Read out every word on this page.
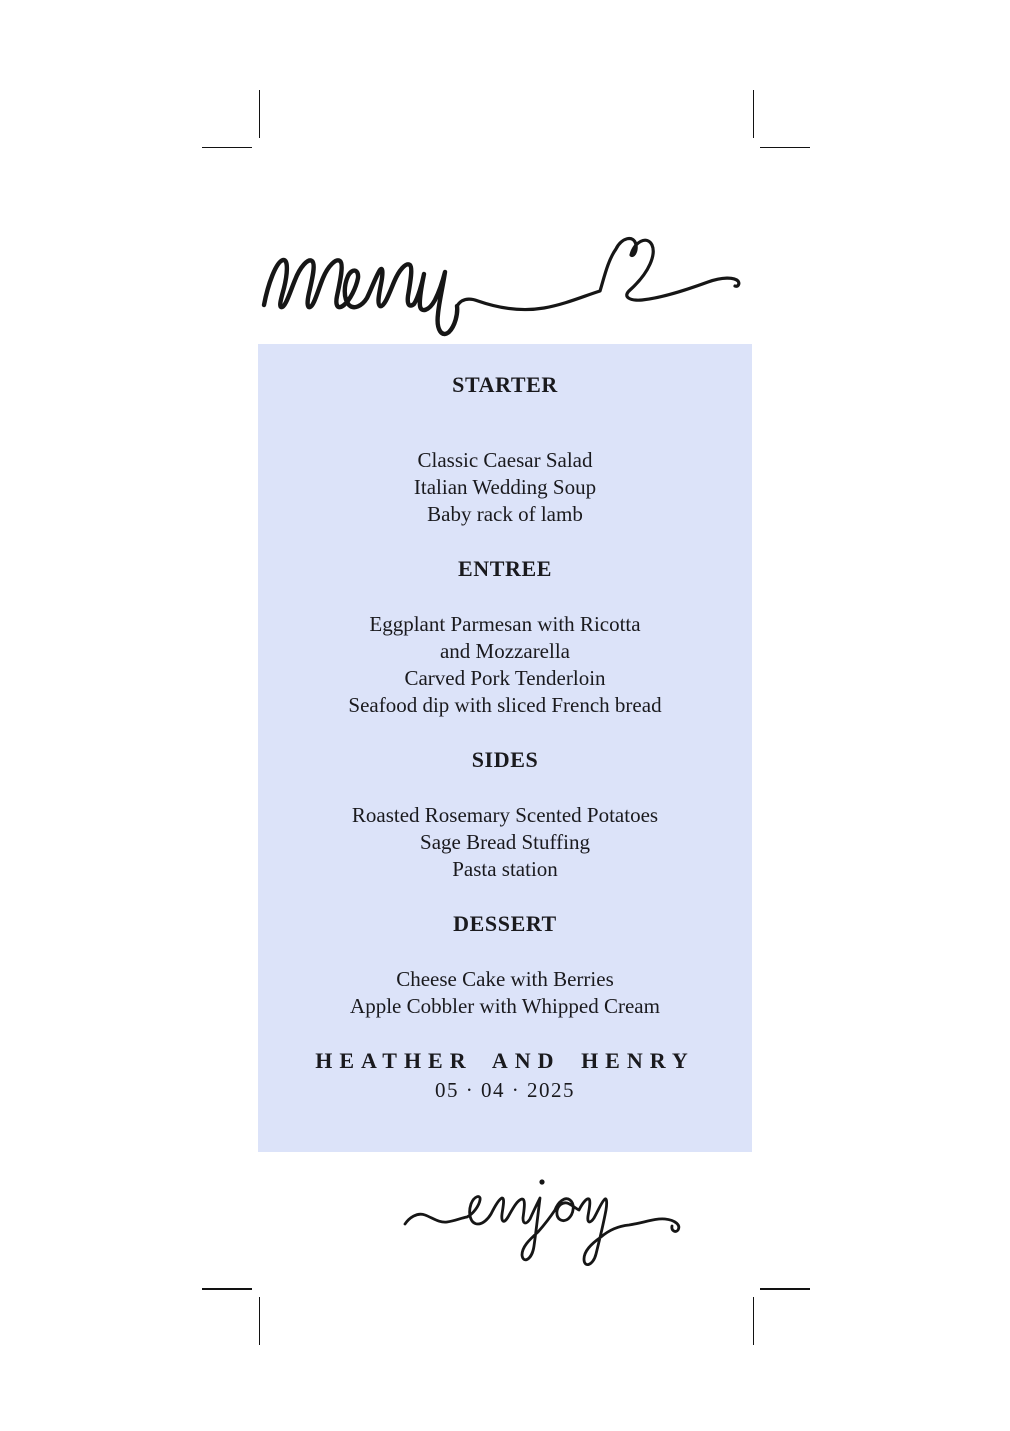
STARTER
Classic Caesar Salad
Italian Wedding Soup
Baby rack of lamb
ENTREE
Eggplant Parmesan with Ricotta
and Mozzarella
Carved Pork Tenderloin
Seafood dip with sliced French bread
SIDES
Roasted Rosemary Scented Potatoes
Sage Bread Stuffing
Pasta station
DESSERT
Cheese Cake with Berries
Apple Cobbler with Whipped Cream
HEATHER AND HENRY
05 · 04 · 2025
